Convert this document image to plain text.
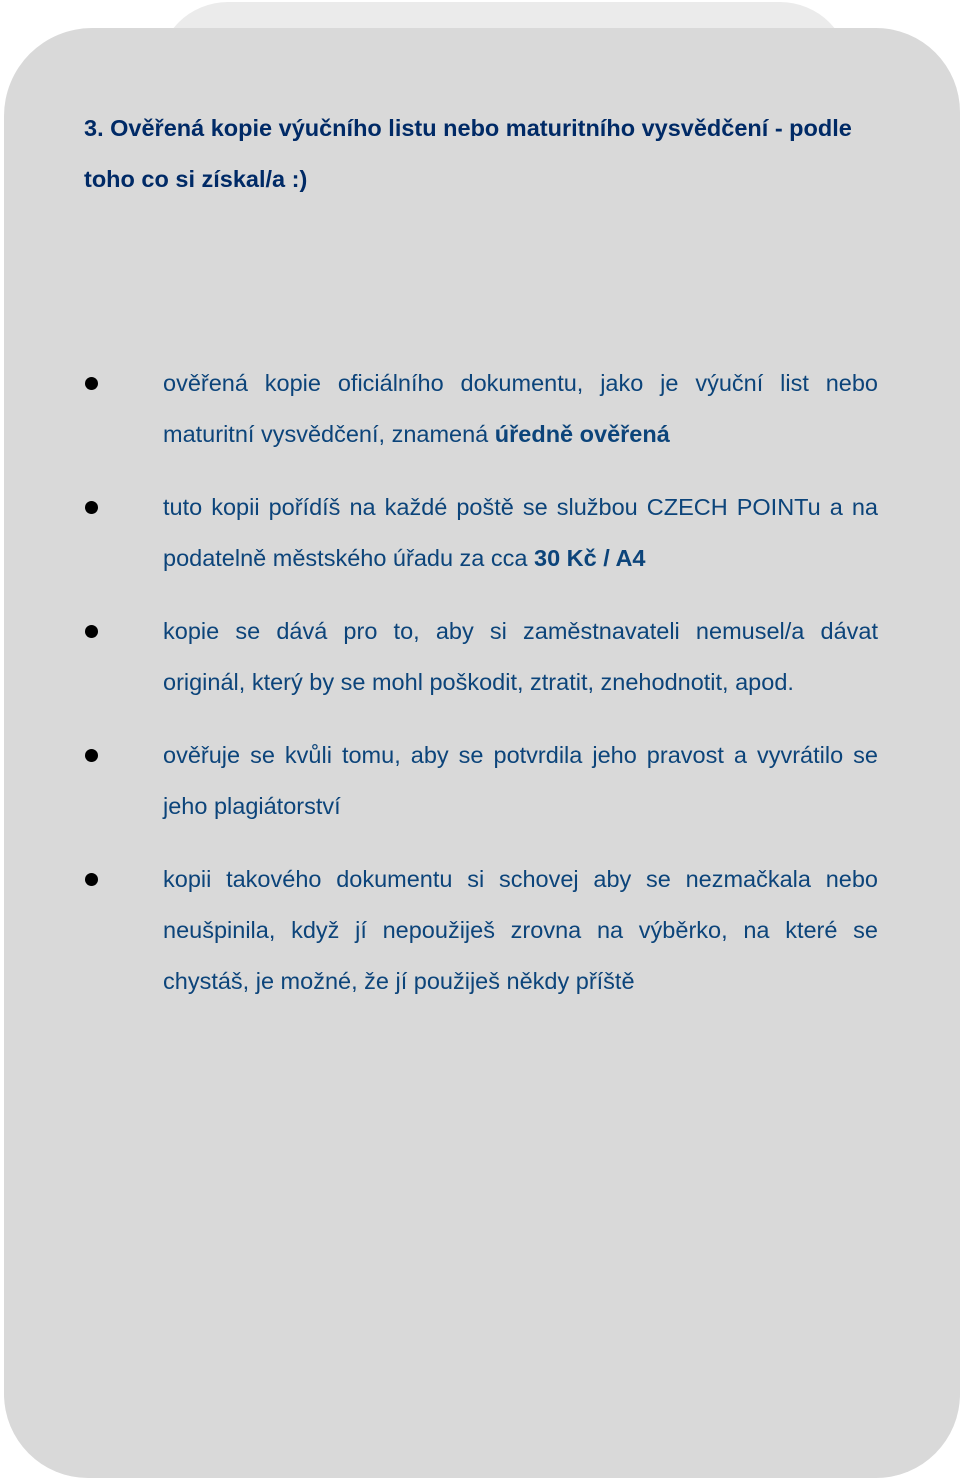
3. Ověřená kopie výučního listu nebo maturitního vysvědčení - podle
toho co si získal/a :)
ověřená kopie oficiálního dokumentu, jako je výuční list nebo maturitní vysvědčení, znamená úředně ověřená
tuto kopii pořídíš na každé poště se službou CZECH POINTu a na podatelně městského úřadu za cca 30 Kč / A4
kopie se dává pro to, aby si zaměstnavateli nemusel/a dávat originál, který by se mohl poškodit, ztratit, znehodnotit, apod.
ověřuje se kvůli tomu, aby se potvrdila jeho pravost a vyvrátilo se jeho plagiátorství
kopii takového dokumentu si schovej aby se nezmačkala nebo neušpinila, když jí nepoužiješ zrovna na výběrko, na které se chystáš, je možné, že jí použiješ někdy příště
